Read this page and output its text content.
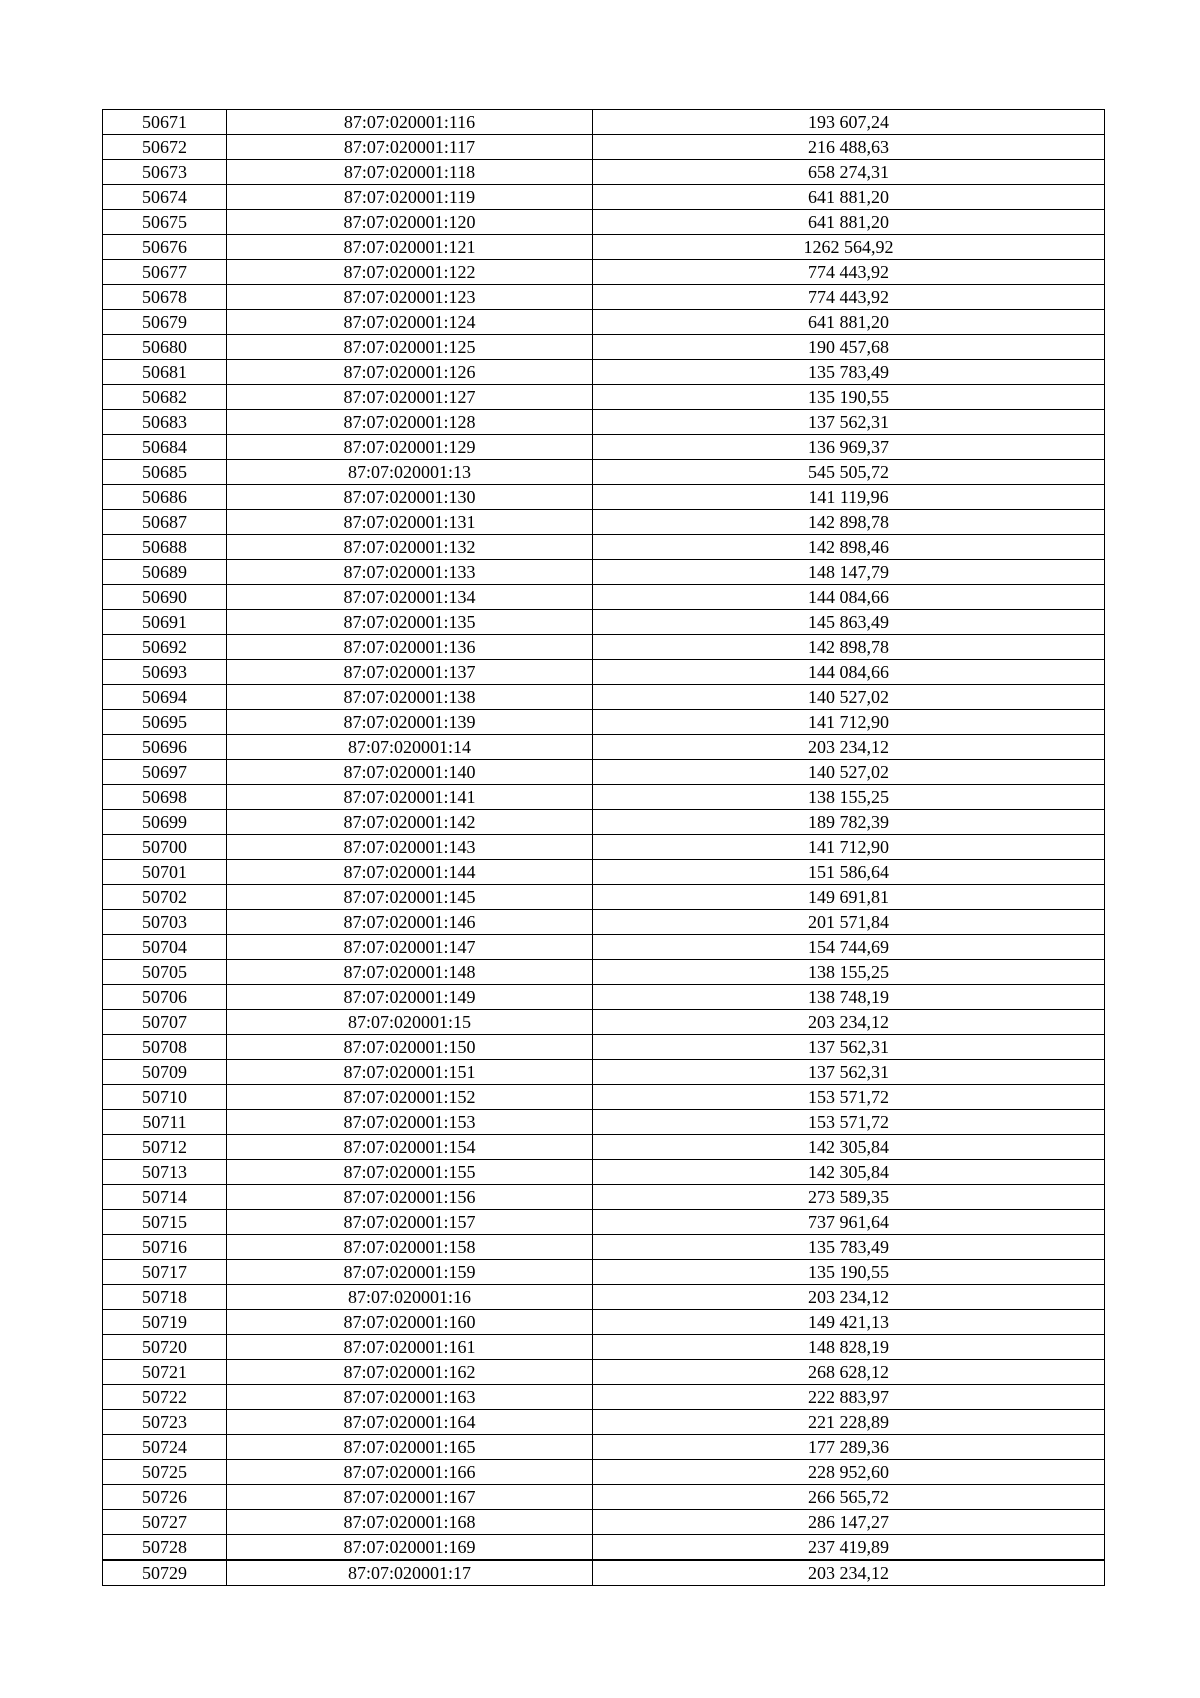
50671	87:07:020001:116	193 607,24
50672	87:07:020001:117	216 488,63
50673	87:07:020001:118	658 274,31
50674	87:07:020001:119	641 881,20
50675	87:07:020001:120	641 881,20
50676	87:07:020001:121	1262 564,92
50677	87:07:020001:122	774 443,92
50678	87:07:020001:123	774 443,92
50679	87:07:020001:124	641 881,20
50680	87:07:020001:125	190 457,68
50681	87:07:020001:126	135 783,49
50682	87:07:020001:127	135 190,55
50683	87:07:020001:128	137 562,31
50684	87:07:020001:129	136 969,37
50685	87:07:020001:13	545 505,72
50686	87:07:020001:130	141 119,96
50687	87:07:020001:131	142 898,78
50688	87:07:020001:132	142 898,46
50689	87:07:020001:133	148 147,79
50690	87:07:020001:134	144 084,66
50691	87:07:020001:135	145 863,49
50692	87:07:020001:136	142 898,78
50693	87:07:020001:137	144 084,66
50694	87:07:020001:138	140 527,02
50695	87:07:020001:139	141 712,90
50696	87:07:020001:14	203 234,12
50697	87:07:020001:140	140 527,02
50698	87:07:020001:141	138 155,25
50699	87:07:020001:142	189 782,39
50700	87:07:020001:143	141 712,90
50701	87:07:020001:144	151 586,64
50702	87:07:020001:145	149 691,81
50703	87:07:020001:146	201 571,84
50704	87:07:020001:147	154 744,69
50705	87:07:020001:148	138 155,25
50706	87:07:020001:149	138 748,19
50707	87:07:020001:15	203 234,12
50708	87:07:020001:150	137 562,31
50709	87:07:020001:151	137 562,31
50710	87:07:020001:152	153 571,72
50711	87:07:020001:153	153 571,72
50712	87:07:020001:154	142 305,84
50713	87:07:020001:155	142 305,84
50714	87:07:020001:156	273 589,35
50715	87:07:020001:157	737 961,64
50716	87:07:020001:158	135 783,49
50717	87:07:020001:159	135 190,55
50718	87:07:020001:16	203 234,12
50719	87:07:020001:160	149 421,13
50720	87:07:020001:161	148 828,19
50721	87:07:020001:162	268 628,12
50722	87:07:020001:163	222 883,97
50723	87:07:020001:164	221 228,89
50724	87:07:020001:165	177 289,36
50725	87:07:020001:166	228 952,60
50726	87:07:020001:167	266 565,72
50727	87:07:020001:168	286 147,27
50728	87:07:020001:169	237 419,89
50729	87:07:020001:17	203 234,12
